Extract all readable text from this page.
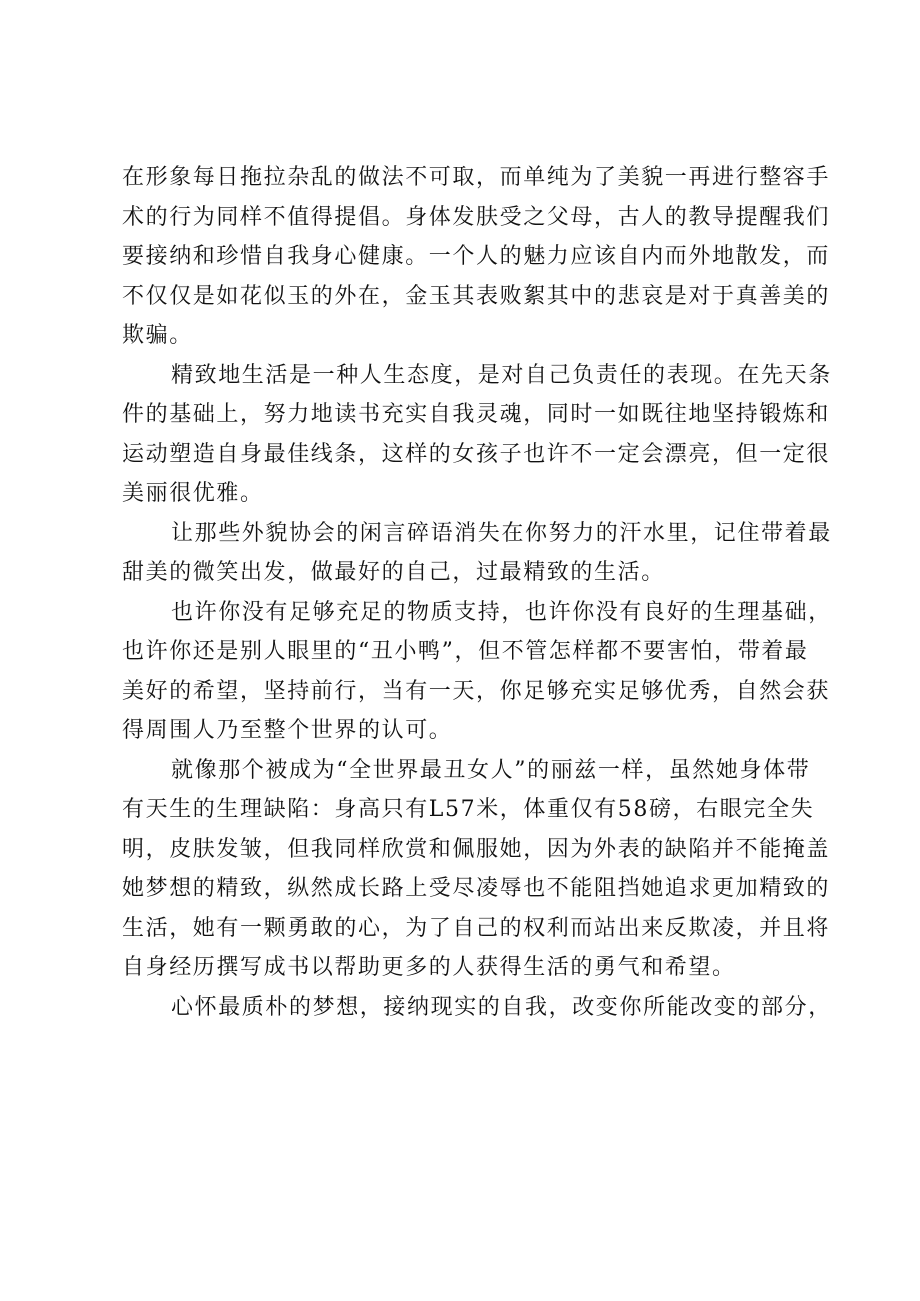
在形象每日拖拉杂乱的做法不可取，而单纯为了美貌一再进行整容手
术的行为同样不值得提倡。身体发肤受之父母，古人的教导提醒我们
要接纳和珍惜自我身心健康。一个人的魅力应该自内而外地散发，而
不仅仅是如花似玉的外在，金玉其表败絮其中的悲哀是对于真善美的
欺骗。
精致地生活是一种人生态度，是对自己负责任的表现。在先天条
件的基础上，努力地读书充实自我灵魂，同时一如既往地坚持锻炼和
运动塑造自身最佳线条，这样的女孩子也许不一定会漂亮，但一定很
美丽很优雅。
让那些外貌协会的闲言碎语消失在你努力的汗水里，记住带着最
甜美的微笑出发，做最好的自己，过最精致的生活。
也许你没有足够充足的物质支持，也许你没有良好的生理基础，
也许你还是别人眼里的“丑小鸭”，但不管怎样都不要害怕，带着最
美好的希望，坚持前行，当有一天，你足够充实足够优秀，自然会获
得周围人乃至整个世界的认可。
就像那个被成为“全世界最丑女人”的丽兹一样，虽然她身体带
有天生的生理缺陷：身高只有L57米，体重仅有58磅，右眼完全失
明，皮肤发皱，但我同样欣赏和佩服她，因为外表的缺陷并不能掩盖
她梦想的精致，纵然成长路上受尽凌辱也不能阻挡她追求更加精致的
生活，她有一颗勇敢的心，为了自己的权利而站出来反欺凌，并且将
自身经历撰写成书以帮助更多的人获得生活的勇气和希望。
心怀最质朴的梦想，接纳现实的自我，改变你所能改变的部分，
